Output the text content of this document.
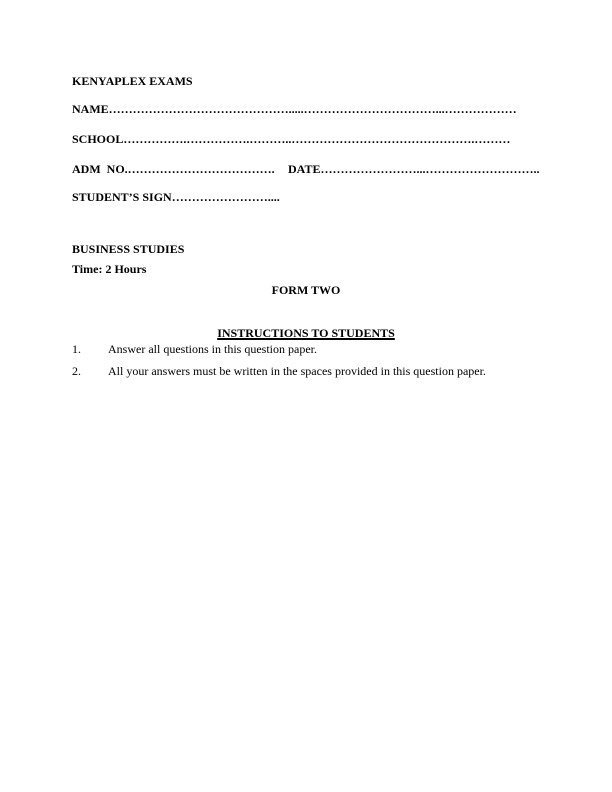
KENYAPLEX EXAMS
NAME……………………………………….....……………………………...………………
SCHOOL…………….…………….………..……………………………………….………
ADM  NO.………………………………. DATE……………………...………………………..
STUDENT’S SIGN……………………....
BUSINESS STUDIES
Time: 2 Hours
FORM TWO
INSTRUCTIONS TO STUDENTS
1.	Answer all questions in this question paper.
2.	All your answers must be written in the spaces provided in this question paper.
